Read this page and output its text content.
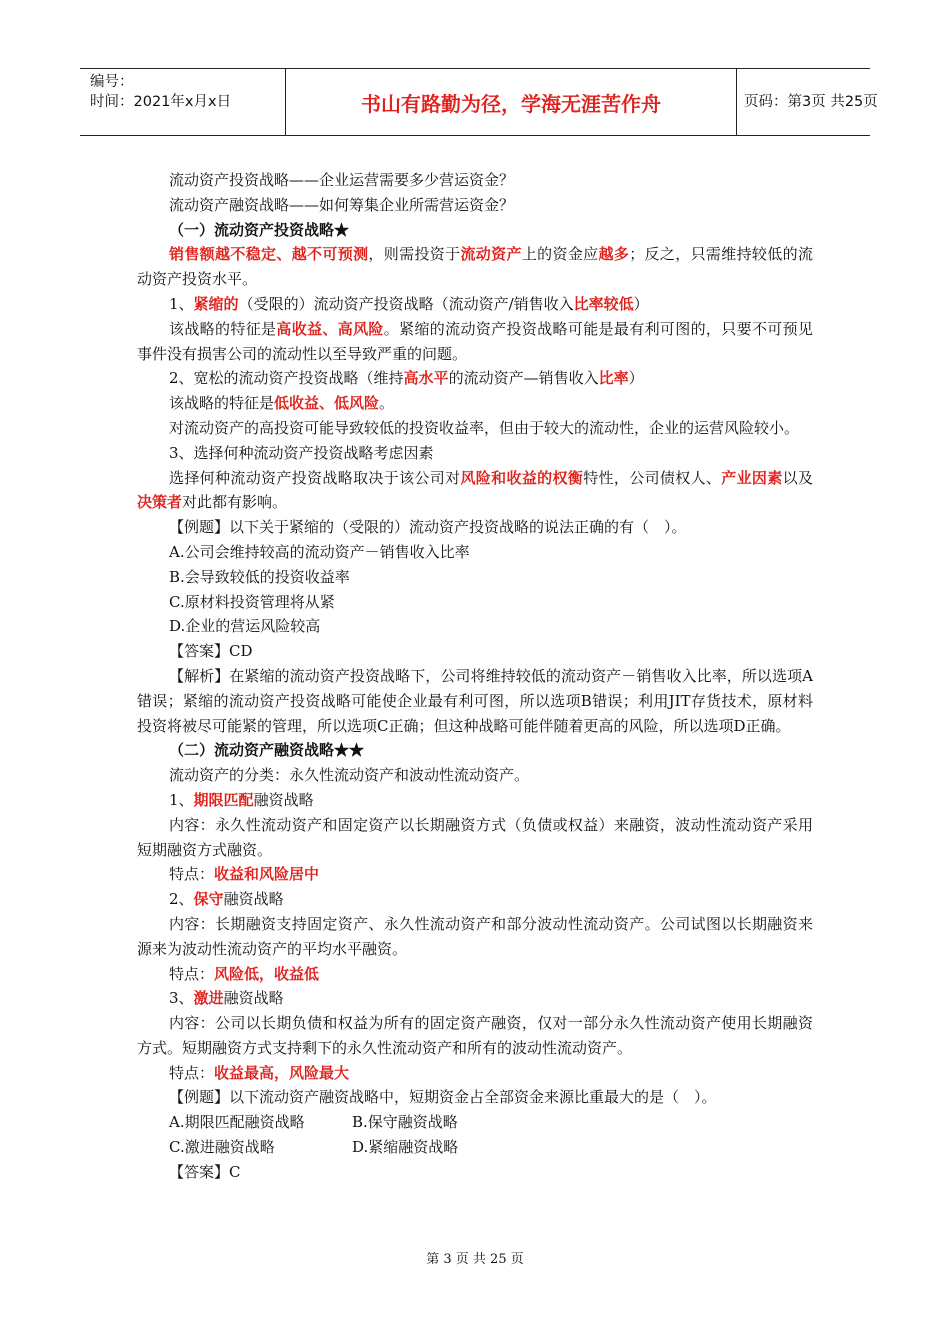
编号：
时间：2021年x月x日	书山有路勤为径，学海无涯苦作舟	页码：第3页 共25页

流动资产投资战略——企业运营需要多少营运资金？

流动资产融资战略——如何筹集企业所需营运资金？

（一）流动资产投资战略★

销售额越不稳定、越不可预测，则需投资于流动资产上的资金应越多；反之，只需维持较低的流动资产投资水平。

1、紧缩的（受限的）流动资产投资战略（流动资产/销售收入比率较低）

该战略的特征是高收益、高风险。紧缩的流动资产投资战略可能是最有利可图的，只要不可预见事件没有损害公司的流动性以至导致严重的问题。

2、宽松的流动资产投资战略（维持高水平的流动资产—销售收入比率）

该战略的特征是低收益、低风险。

对流动资产的高投资可能导致较低的投资收益率，但由于较大的流动性，企业的运营风险较小。

3、选择何种流动资产投资战略考虑因素

选择何种流动资产投资战略取决于该公司对风险和收益的权衡特性，公司债权人、产业因素以及决策者对此都有影响。

【例题】以下关于紧缩的（受限的）流动资产投资战略的说法正确的有（　）。

A.公司会维持较高的流动资产－销售收入比率

B.会导致较低的投资收益率

C.原材料投资管理将从紧

D.企业的营运风险较高

【答案】CD

【解析】在紧缩的流动资产投资战略下，公司将维持较低的流动资产－销售收入比率，所以选项A错误；紧缩的流动资产投资战略可能使企业最有利可图，所以选项B错误；利用JIT存货技术，原材料投资将被尽可能紧的管理，所以选项C正确；但这种战略可能伴随着更高的风险，所以选项D正确。

（二）流动资产融资战略★★

流动资产的分类：永久性流动资产和波动性流动资产。

1、期限匹配融资战略

内容：永久性流动资产和固定资产以长期融资方式（负债或权益）来融资，波动性流动资产采用短期融资方式融资。

特点：收益和风险居中

2、保守融资战略

内容：长期融资支持固定资产、永久性流动资产和部分波动性流动资产。公司试图以长期融资来源来为波动性流动资产的平均水平融资。

特点：风险低，收益低

3、激进融资战略

内容：公司以长期负债和权益为所有的固定资产融资，仅对一部分永久性流动资产使用长期融资方式。短期融资方式支持剩下的永久性流动资产和所有的波动性流动资产。

特点：收益最高，风险最大

【例题】以下流动资产融资战略中，短期资金占全部资金来源比重最大的是（　）。

A.期限匹配融资战略	B.保守融资战略

C.激进融资战略	D.紧缩融资战略

【答案】C

第 3 页 共 25 页
